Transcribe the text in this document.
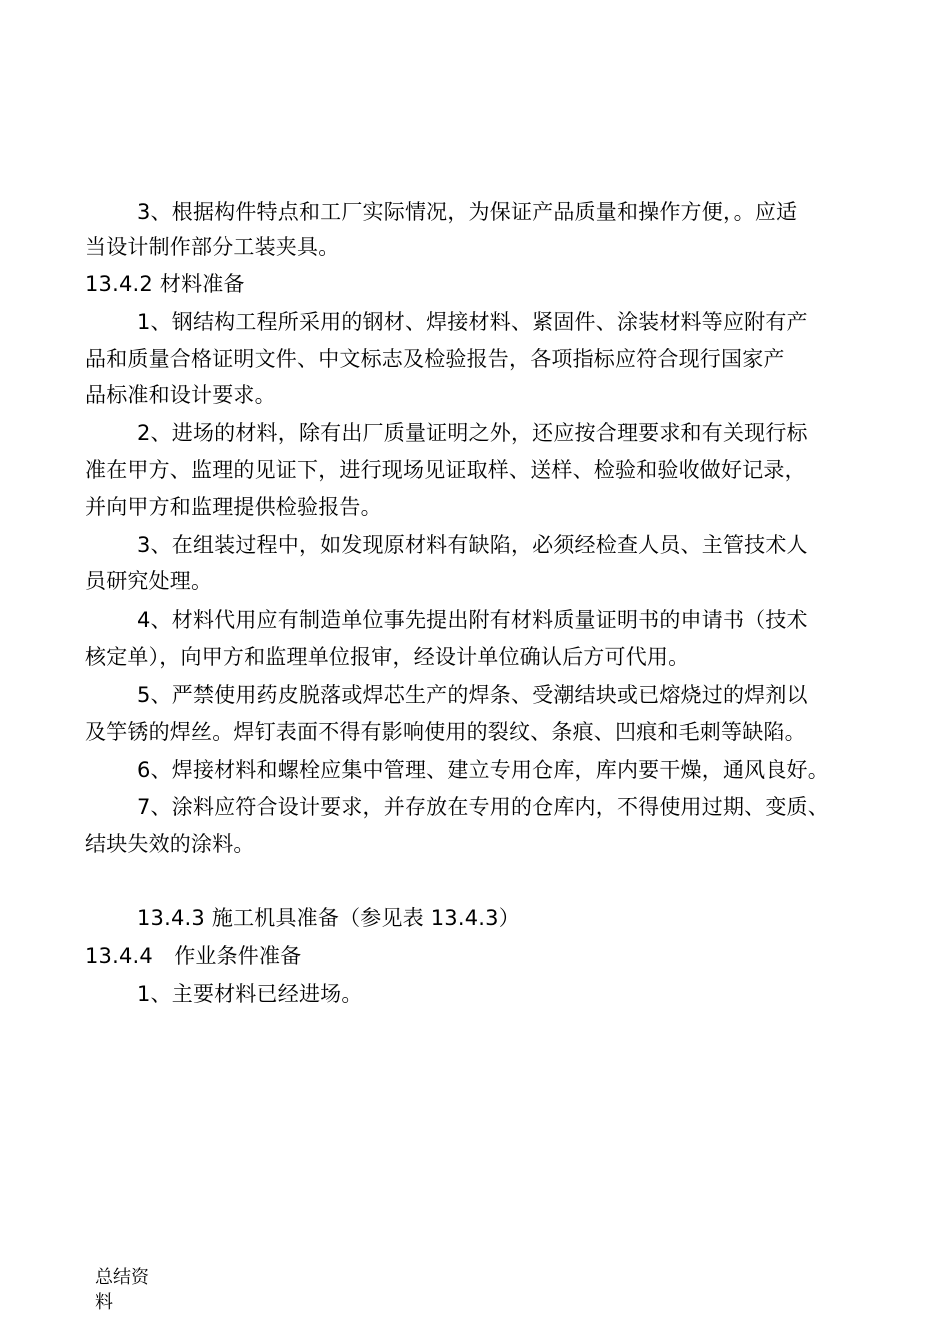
3、根据构件特点和工厂实际情况，为保证产品质量和操作方便，。应适
当设计制作部分工装夹具。
13.4.2 材料准备
1、钢结构工程所采用的钢材、焊接材料、紧固件、涂装材料等应附有产
品和质量合格证明文件、中文标志及检验报告，各项指标应符合现行国家产
品标准和设计要求。
2、进场的材料，除有出厂质量证明之外，还应按合理要求和有关现行标
准在甲方、监理的见证下，进行现场见证取样、送样、检验和验收做好记录，
并向甲方和监理提供检验报告。
3、在组装过程中，如发现原材料有缺陷，必须经检查人员、主管技术人
员研究处理。
4、材料代用应有制造单位事先提出附有材料质量证明书的申请书（技术
核定单），向甲方和监理单位报审，经设计单位确认后方可代用。
5、严禁使用药皮脱落或焊芯生产的焊条、受潮结块或已熔烧过的焊剂以
及竽锈的焊丝。焊钉表面不得有影响使用的裂纹、条痕、凹痕和毛刺等缺陷。
6、焊接材料和螺栓应集中管理、建立专用仓库，库内要干燥，通风良好。
7、涂料应符合设计要求，并存放在专用的仓库内，不得使用过期、变质、
结块失效的涂料。
13.4.3 施工机具准备（参见表 13.4.3）
13.4.4　作业条件准备
1、主要材料已经进场。
总结资
料
